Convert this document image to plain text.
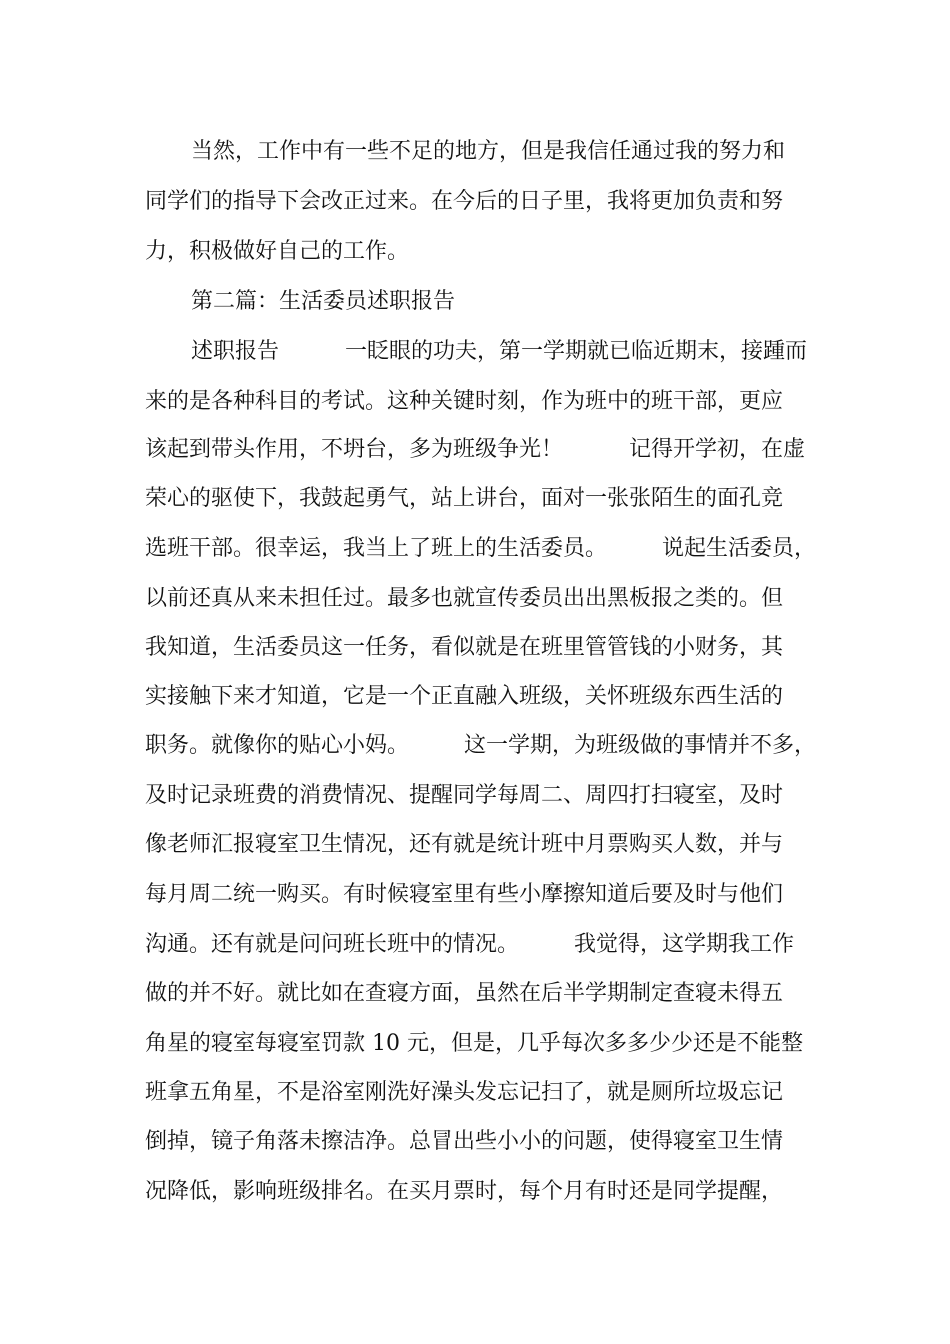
当然，工作中有一些不足的地方，但是我信任通过我的努力和

同学们的指导下会改正过来。在今后的日子里，我将更加负责和努

力，积极做好自己的工作。

第二篇：生活委员述职报告

述职报告　　　一眨眼的功夫，第一学期就已临近期末，接踵而

来的是各种科目的考试。这种关键时刻，作为班中的班干部，更应

该起到带头作用，不坍台，多为班级争光！　　　记得开学初，在虚

荣心的驱使下，我鼓起勇气，站上讲台，面对一张张陌生的面孔竞

选班干部。很幸运，我当上了班上的生活委员。　　　说起生活委员，

以前还真从来未担任过。最多也就宣传委员出出黑板报之类的。但

我知道，生活委员这一任务，看似就是在班里管管钱的小财务，其

实接触下来才知道，它是一个正直融入班级，关怀班级东西生活的

职务。就像你的贴心小妈。　　　这一学期，为班级做的事情并不多，

及时记录班费的消费情况、提醒同学每周二、周四打扫寝室，及时

像老师汇报寝室卫生情况，还有就是统计班中月票购买人数，并与

每月周二统一购买。有时候寝室里有些小摩擦知道后要及时与他们

沟通。还有就是问问班长班中的情况。　　　我觉得，这学期我工作

做的并不好。就比如在查寝方面，虽然在后半学期制定查寝未得五

角星的寝室每寝室罚款 10 元，但是，几乎每次多多少少还是不能整

班拿五角星，不是浴室刚洗好澡头发忘记扫了，就是厕所垃圾忘记

倒掉，镜子角落未擦洁净。总冒出些小小的问题，使得寝室卫生情

况降低，影响班级排名。在买月票时，每个月有时还是同学提醒，
